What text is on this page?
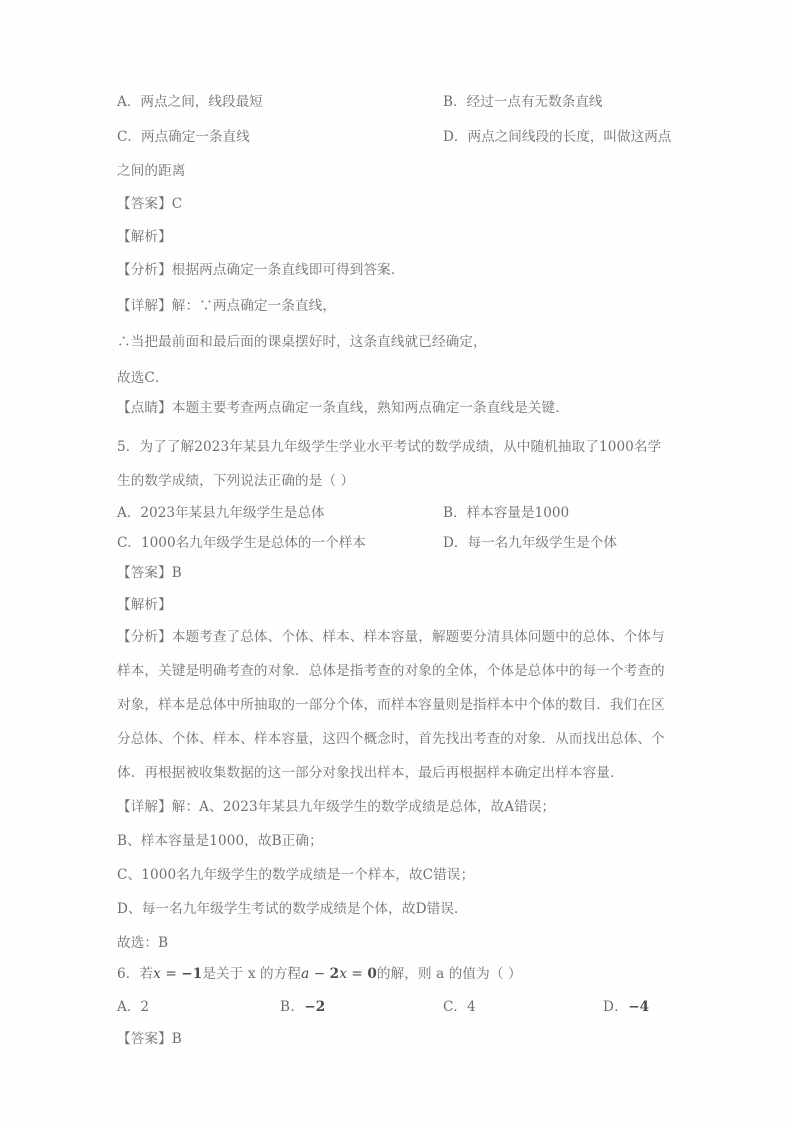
A．两点之间，线段最短	B．经过一点有无数条直线
C．两点确定一条直线	D．两点之间线段的长度，叫做这两点
之间的距离
【答案】C
【解析】
【分析】根据两点确定一条直线即可得到答案．
【详解】解：∵两点确定一条直线，
∴当把最前面和最后面的课桌摆好时，这条直线就已经确定，
故选C．
【点睛】本题主要考查两点确定一条直线，熟知两点确定一条直线是关键．
5．为了了解2023年某县九年级学生学业水平考试的数学成绩，从中随机抽取了1000名学
生的数学成绩，下列说法正确的是（ ）
A．2023年某县九年级学生是总体	B．样本容量是1000
C．1000名九年级学生是总体的一个样本	D．每一名九年级学生是个体
【答案】B
【解析】
【分析】本题考查了总体、个体、样本、样本容量，解题要分清具体问题中的总体、个体与
样本，关键是明确考查的对象．总体是指考查的对象的全体，个体是总体中的每一个考查的
对象，样本是总体中所抽取的一部分个体，而样本容量则是指样本中个体的数目．我们在区
分总体、个体、样本、样本容量，这四个概念时，首先找出考查的对象．从而找出总体、个
体．再根据被收集数据的这一部分对象找出样本，最后再根据样本确定出样本容量．
【详解】解：A、2023年某县九年级学生的数学成绩是总体，故A错误；
B、样本容量是1000，故B正确；
C、1000名九年级学生的数学成绩是一个样本，故C错误；
D、每一名九年级学生考试的数学成绩是个体，故D错误．
故选：B
6．若x = −1是关于 x 的方程a − 2x = 0的解，则 a 的值为（ ）
A．2	B．−2	C．4	D．−4
【答案】B
